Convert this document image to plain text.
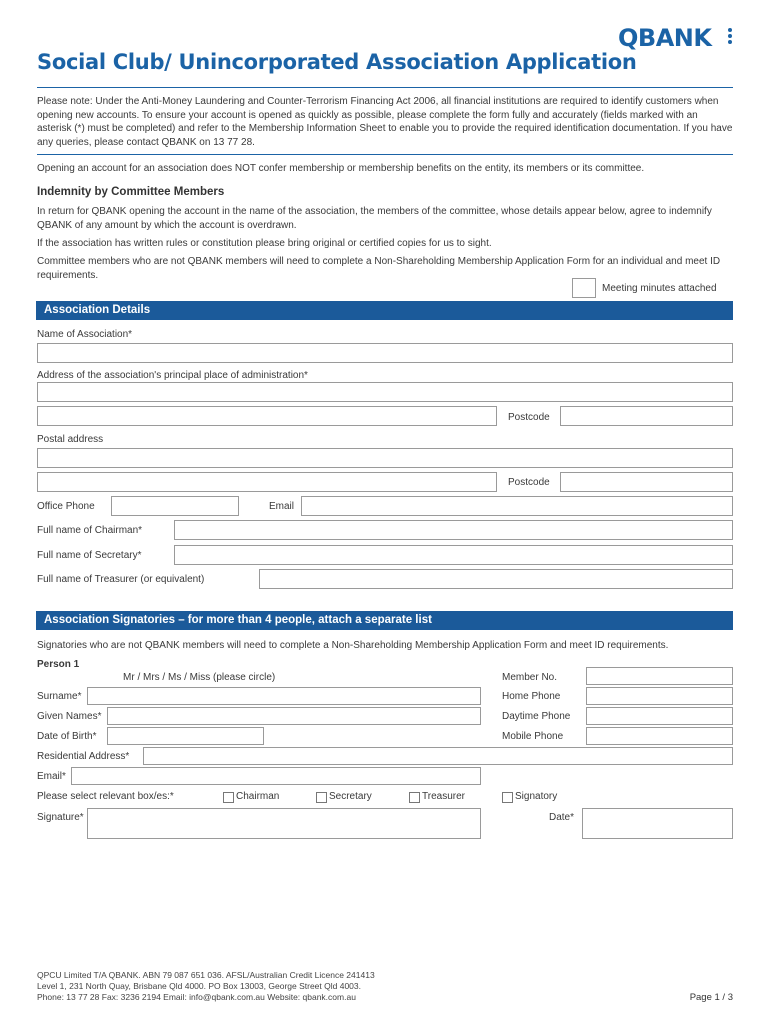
QBANK
Social Club/ Unincorporated Association Application
Please note: Under the Anti-Money Laundering and Counter-Terrorism Financing Act 2006, all financial institutions are required to identify customers when opening new accounts. To ensure your account is opened as quickly as possible, please complete the form fully and accurately (fields marked with an asterisk (*) must be completed) and refer to the Membership Information Sheet to enable you to provide the required identification documentation. If you have any queries, please contact QBANK on 13 77 28.
Opening an account for an association does NOT confer membership or membership benefits on the entity, its members or its committee.
Indemnity by Committee Members
In return for QBANK opening the account in the name of the association, the members of the committee, whose details appear below, agree to indemnify QBANK of any amount by which the account is overdrawn.
If the association has written rules or constitution please bring original or certified copies for us to sight.
Committee members who are not QBANK members will need to complete a Non-Shareholding Membership Application Form for an individual and meet ID requirements.
Meeting minutes attached
Association Details
Name of Association*
Address of the association's principal place of administration*
Postcode
Postal address
Postcode
Office Phone	Email
Full name of Chairman*
Full name of Secretary*
Full name of Treasurer (or equivalent)
Association Signatories – for more than 4 people, attach a separate list
Signatories who are not QBANK members will need to complete a Non-Shareholding Membership Application Form and meet ID requirements.
Person 1
Mr / Mrs / Ms / Miss (please circle)
Surname*
Given Names*
Date of Birth*
Member No.
Home Phone
Daytime Phone
Mobile Phone
Residential Address*
Email*
Please select relevant box/es:*	Chairman	Secretary	Treasurer	Signatory
Signature*	Date*
QPCU Limited T/A QBANK. ABN 79 087 651 036. AFSL/Australian Credit Licence 241413
Level 1, 231 North Quay, Brisbane Qld 4000. PO Box 13003, George Street Qld 4003.
Phone: 13 77 28 Fax: 3236 2194 Email: info@qbank.com.au Website: qbank.com.au	Page 1 / 3
